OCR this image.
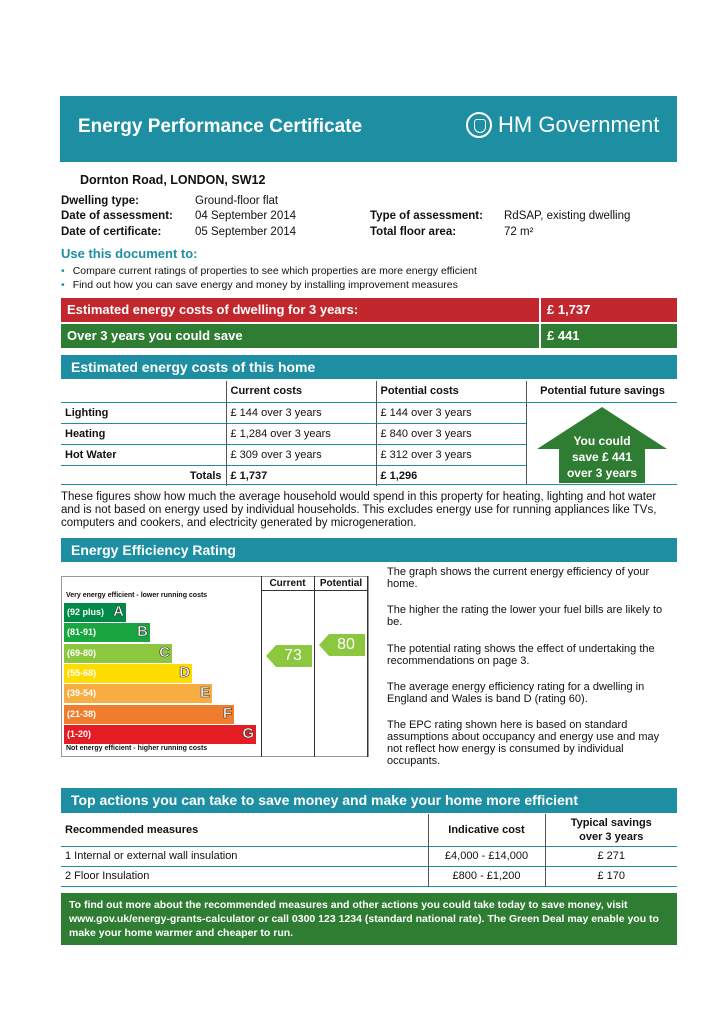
Energy Performance Certificate	HM Government
Dornton Road, LONDON, SW12
Dwelling type:	Ground-floor flat
Date of assessment: 04 September 2014
Date of certificate:	05 September 2014
Type of assessment: RdSAP, existing dwelling
Total floor area:	72 m²
Use this document to:
• Compare current ratings of properties to see which properties are more energy efficient
• Find out how you can save energy and money by installing improvement measures
Estimated energy costs of dwelling for 3 years:	£ 1,737
Over 3 years you could save	£ 441
Estimated energy costs of this home
	Current costs	Potential costs
Lighting	£ 144 over 3 years	£ 144 over 3 years
Heating	£ 1,284 over 3 years	£ 840 over 3 years
Hot Water	£ 309 over 3 years	£ 312 over 3 years
Totals	£ 1,737	£ 1,296
Potential future savings
You could
save £ 441
over 3 years
These figures show how much the average household would spend in this property for heating, lighting and hot water and is not based on energy used by individual households. This excludes energy use for running appliances like TVs, computers and cookers, and electricity generated by microgeneration.
Energy Efficiency Rating
Current	Potential
Very energy efficient - lower running costs
Not energy efficient - higher running costs
(92 plus) A
(81-91)	B
(69-80)	C
(55-68)	D
(39-54)	E
(21-38)	F
(1-20)	G
73
80
The graph shows the current energy efficiency of your home.
The higher the rating the lower your fuel bills are likely to be.
The potential rating shows the effect of undertaking the recommendations on page 3.
The average energy efficiency rating for a dwelling in England and Wales is band D (rating 60).
The EPC rating shown here is based on standard assumptions about occupancy and energy use and may not reflect how energy is consumed by individual occupants.
Top actions you can take to save money and make your home more efficient
Recommended measures	Indicative cost	Typical savings
over 3 years

1 Internal or external wall insulation	£4,000 - £14,000	£ 271
2 Floor Insulation	£800 - £1,200	£ 170
To find out more about the recommended measures and other actions you could take today to save money, visit
www.gov.uk/energy-grants-calculator or call 0300 123 1234 (standard national rate). The Green Deal may enable you to
make your home warmer and cheaper to run.
